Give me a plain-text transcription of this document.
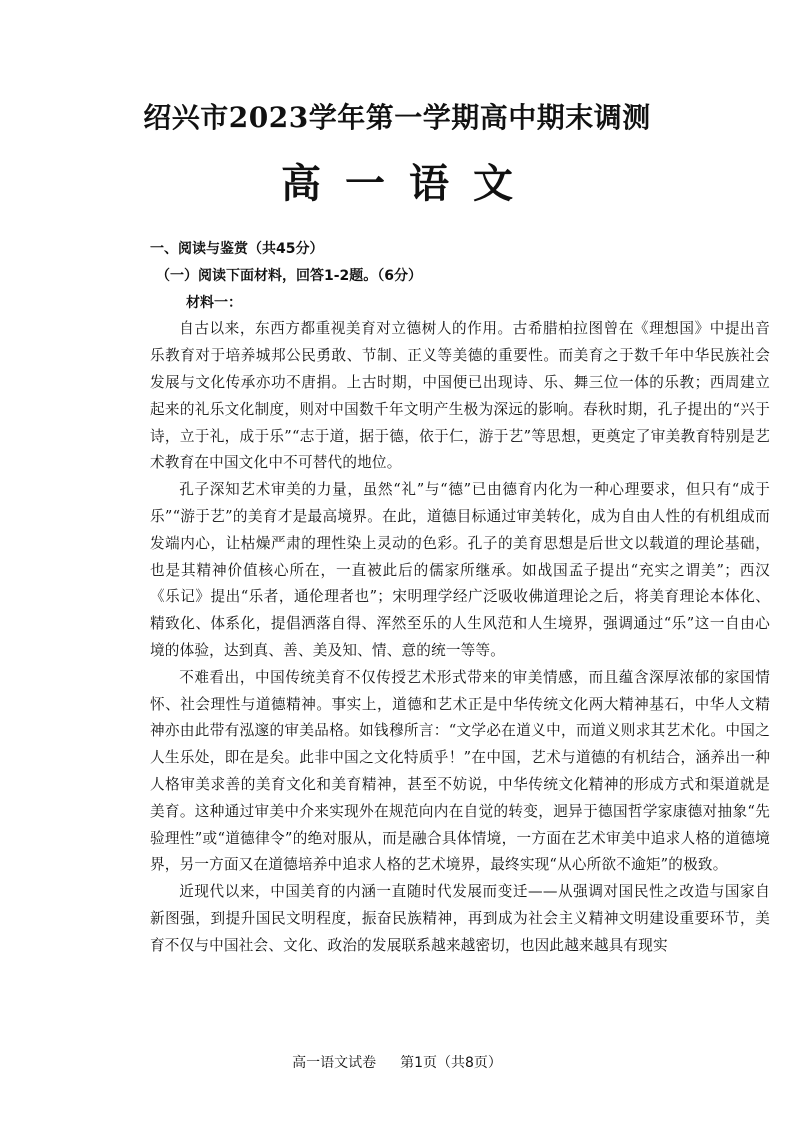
绍兴市2023学年第一学期高中期末调测
高一语文

一、阅读与鉴赏（共45分）

（一）阅读下面材料，回答1-2题。（6分）

材料一：

自古以来，东西方都重视美育对立德树人的作用。古希腊柏拉图曾在《理想国》中提出音乐教育对于培养城邦公民勇敢、节制、正义等美德的重要性。而美育之于数千年中华民族社会发展与文化传承亦功不唐捐。上古时期，中国便已出现诗、乐、舞三位一体的乐教；西周建立起来的礼乐文化制度，则对中国数千年文明产生极为深远的影响。春秋时期，孔子提出的“兴于诗，立于礼，成于乐”“志于道，据于德，依于仁，游于艺”等思想，更奠定了审美教育特别是艺术教育在中国文化中不可替代的地位。

孔子深知艺术审美的力量，虽然“礼”与“德”已由德育内化为一种心理要求，但只有“成于乐”“游于艺”的美育才是最高境界。在此，道德目标通过审美转化，成为自由人性的有机组成而发端内心，让枯燥严肃的理性染上灵动的色彩。孔子的美育思想是后世文以载道的理论基础，也是其精神价值核心所在，一直被此后的儒家所继承。如战国孟子提出“充实之谓美”；西汉《乐记》提出“乐者，通伦理者也”；宋明理学经广泛吸收佛道理论之后，将美育理论本体化、精致化、体系化，提倡洒落自得、浑然至乐的人生风范和人生境界，强调通过“乐”这一自由心境的体验，达到真、善、美及知、情、意的统一等等。

不难看出，中国传统美育不仅传授艺术形式带来的审美情感，而且蕴含深厚浓郁的家国情怀、社会理性与道德精神。事实上，道德和艺术正是中华传统文化两大精神基石，中华人文精神亦由此带有泓邃的审美品格。如钱穆所言：“文学必在道义中，而道义则求其艺术化。中国之人生乐处，即在是矣。此非中国之文化特质乎！”在中国，艺术与道德的有机结合，涵养出一种人格审美求善的美育文化和美育精神，甚至不妨说，中华传统文化精神的形成方式和渠道就是美育。这种通过审美中介来实现外在规范向内在自觉的转变，迥异于德国哲学家康德对抽象“先验理性”或“道德律令”的绝对服从，而是融合具体情境，一方面在艺术审美中追求人格的道德境界，另一方面又在道德培养中追求人格的艺术境界，最终实现“从心所欲不逾矩”的极致。

近现代以来，中国美育的内涵一直随时代发展而变迁——从强调对国民性之改造与国家自新图强，到提升国民文明程度，振奋民族精神，再到成为社会主义精神文明建设重要环节，美育不仅与中国社会、文化、政治的发展联系越来越密切，也因此越来越具有现实

高一语文试卷 第1页（共8页）
